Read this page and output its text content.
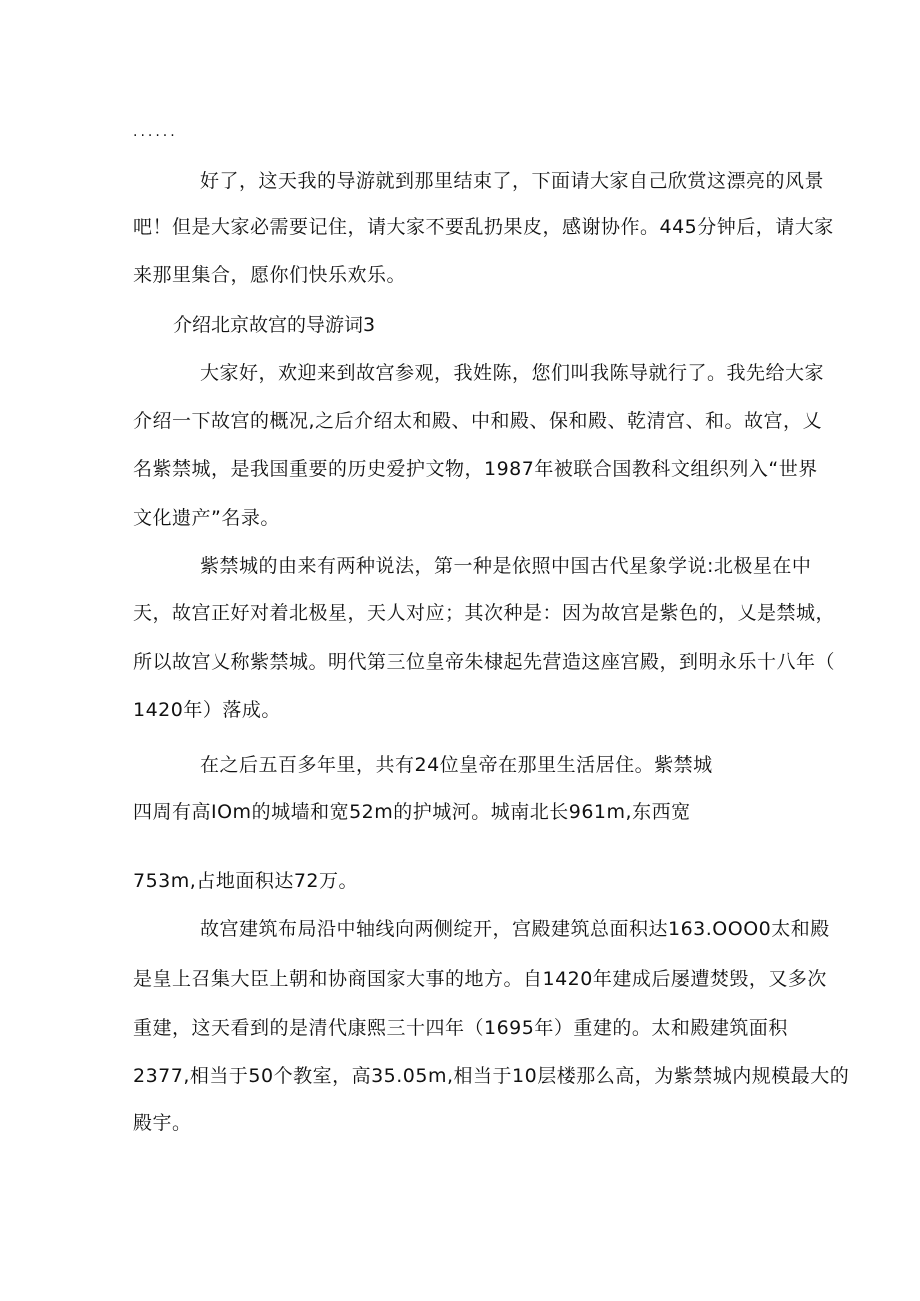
......
好了，这天我的导游就到那里结束了，下面请大家自己欣赏这漂亮的风景
吧！但是大家必需要记住，请大家不要乱扔果皮，感谢协作。445分钟后，请大家
来那里集合，愿你们快乐欢乐。
介绍北京故宫的导游词3
大家好，欢迎来到故宫参观，我姓陈，您们叫我陈导就行了。我先给大家
介绍一下故宫的概况,之后介绍太和殿、中和殿、保和殿、乾清宫、和。故宫，乂
名紫禁城，是我国重要的历史爱护文物，1987年被联合国教科文组织列入“世界
文化遗产”名录。
紫禁城的由来有两种说法，第一种是依照中国古代星象学说:北极星在中
天，故宫正好对着北极星，天人对应；其次种是：因为故宫是紫色的，乂是禁城，
所以故宫乂称紫禁城。明代第三位皇帝朱棣起先营造这座宫殿，到明永乐十八年（
1420年）落成。
在之后五百多年里，共有24位皇帝在那里生活居住。紫禁城
四周有高IOm的城墙和宽52m的护城河。城南北长961m,东西宽
753m,占地面积达72万。
故宫建筑布局沿中轴线向两侧绽开，宫殿建筑总面积达163.OOO0太和殿
是皇上召集大臣上朝和协商国家大事的地方。自1420年建成后屡遭焚毁，又多次
重建，这天看到的是清代康熙三十四年（1695年）重建的。太和殿建筑面积
2377,相当于50个教室，高35.05m,相当于10层楼那么高，为紫禁城内规模最大的
殿宇。
